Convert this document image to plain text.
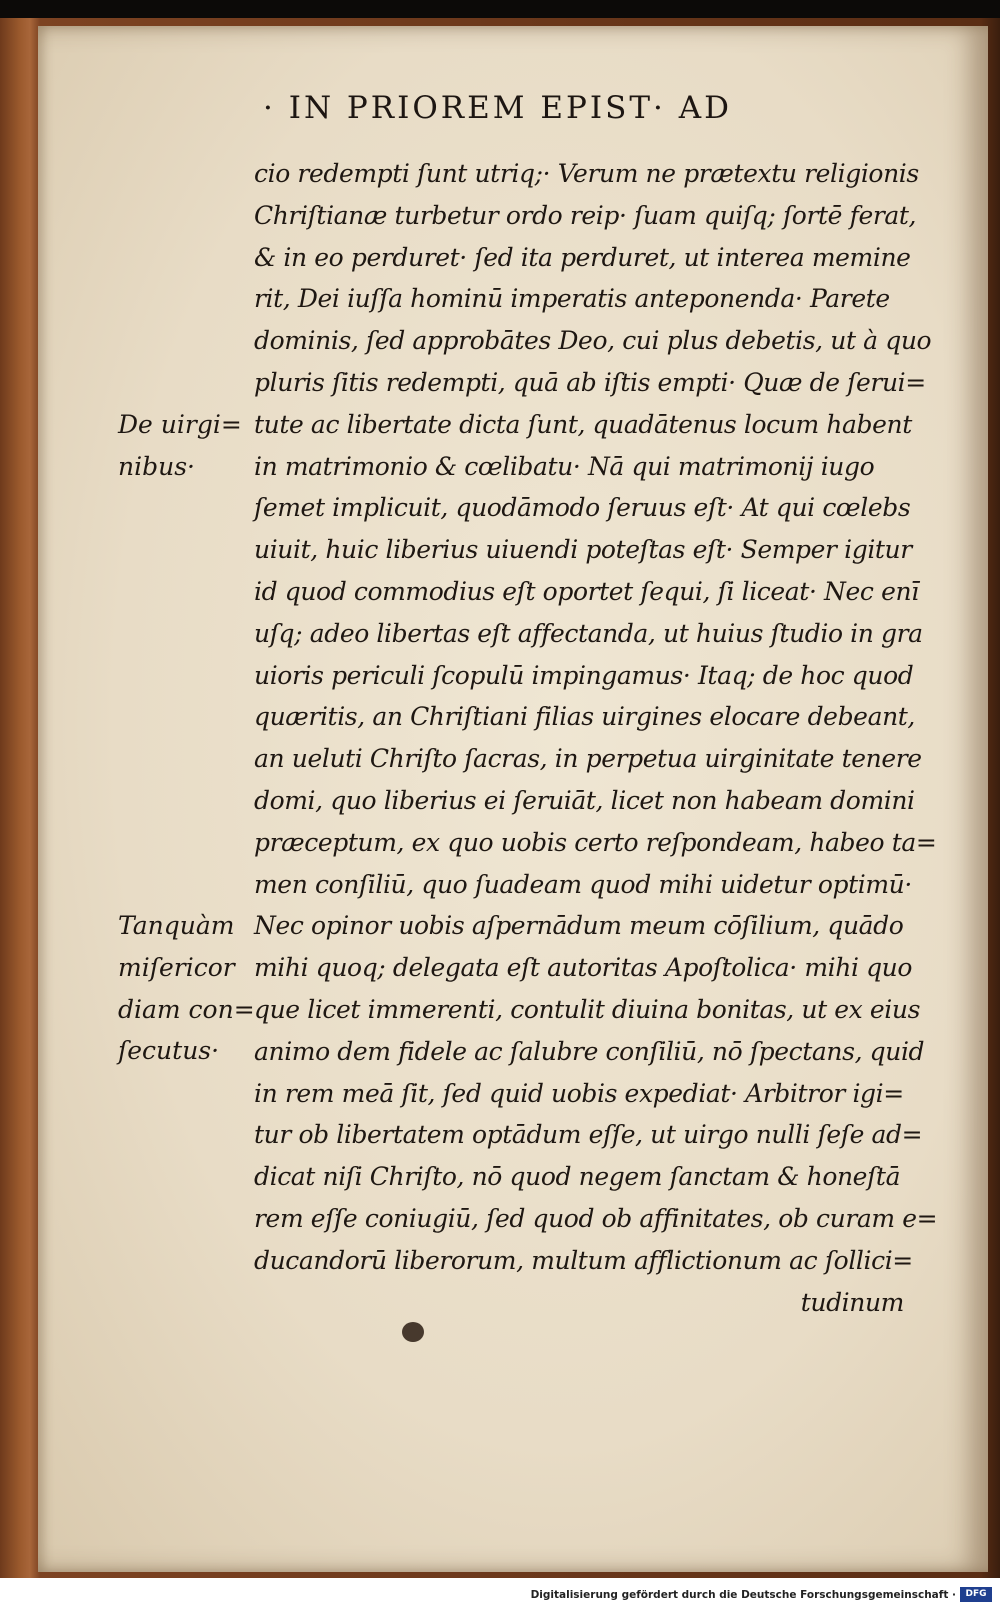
· IN PRIOREM EPIST· AD
cio redempti ſunt utriq;· Verum ne prætextu religionis
Chriſtianæ turbetur ordo reip· ſuam quiſq; ſortē ferat,
& in eo perduret· ſed ita perduret, ut interea memine
rit, Dei iuſſa hominū imperatis anteponenda· Parete
dominis, ſed approbātes Deo, cui plus debetis, ut à quo
pluris ſitis redempti, quā ab iſtis empti· Quæ de ſerui=
tute ac libertate dicta ſunt, quadātenus locum habent
in matrimonio & cœlibatu· Nā qui matrimonij iugo
ſemet implicuit, quodāmodo ſeruus eſt· At qui cœlebs
uiuit, huic liberius uiuendi poteſtas eſt· Semper igitur
id quod commodius eſt oportet ſequi, ſi liceat· Nec enī
uſq; adeo libertas eſt affectanda, ut huius ſtudio in gra
uioris periculi ſcopulū impingamus· Itaq; de hoc quod
quæritis, an Chriſtiani filias uirgines elocare debeant,
an ueluti Chriſto ſacras, in perpetua uirginitate tenere
domi, quo liberius ei ſeruiāt, licet non habeam domini
præceptum, ex quo uobis certo reſpondeam, habeo ta=
men conſiliū, quo ſuadeam quod mihi uidetur optimū·
Nec opinor uobis aſpernādum meum cōſilium, quādo
mihi quoq; delegata eſt autoritas Apoſtolica· mihi quo
que licet immerenti, contulit diuina bonitas, ut ex eius
animo dem fidele ac ſalubre conſiliū, nō ſpectans, quid
in rem meā ſit, ſed quid uobis expediat· Arbitror igi=
tur ob libertatem optādum eſſe, ut uirgo nulli ſeſe ad=
dicat niſi Chriſto, nō quod negem ſanctam & honeſtā
rem eſſe coniugiū, ſed quod ob affinitates, ob curam e=
ducandorū liberorum, multum afflictionum ac ſollici=
tudinum
De uirgi=
nibus·
Tanquàm
miſericor
diam con=
ſecutus·
Digitalisierung gefördert durch die Deutsche Forschungsgemeinschaft ·	DFG
